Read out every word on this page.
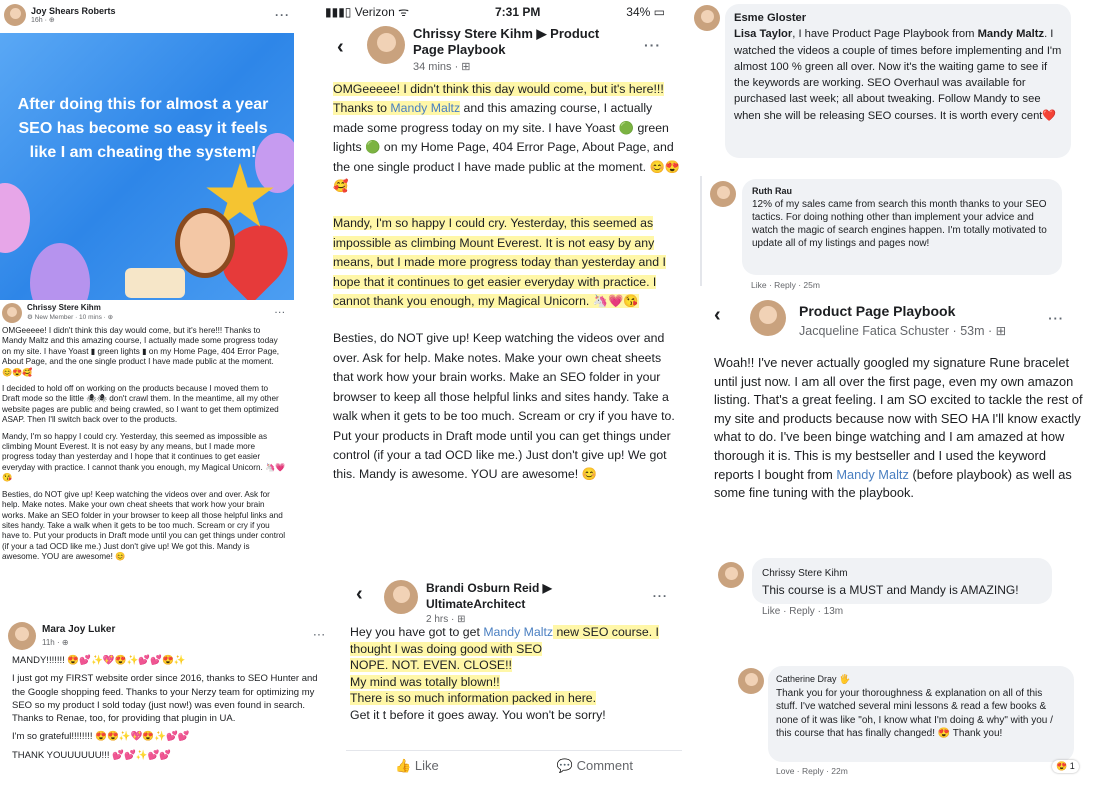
Joy Shears Roberts
16h · ⊕	···
After doing this for almost a year SEO has become so easy it feels like I am cheating the system!
Chrissy Stere Kihm
⚙ New Member · 10 mins · ⊕
···

OMGeeeee! I didn't think this day would come, but it's here!!! Thanks to Mandy Maltz and this amazing course, I actually made some progress today on my site. I have Yoast ▮ green lights ▮ on my Home Page, 404 Error Page, About Page, and the one single product I have made public at the moment. 😊😍🥰

I decided to hold off on working on the products because I moved them to Draft mode so the little 🕷🕷 don't crawl them. In the meantime, all my other website pages are public and being crawled, so I want to get them optimized ASAP. Then I'll switch back over to the products.

Mandy, I'm so happy I could cry. Yesterday, this seemed as impossible as climbing Mount Everest. It is not easy by any means, but I made more progress today than yesterday and I hope that it continues to get easier everyday with practice. I cannot thank you enough, my Magical Unicorn. 🦄💗😘

Besties, do NOT give up! Keep watching the videos over and over. Ask for help. Make notes. Make your own cheat sheets that work how your brain works. Make an SEO folder in your browser to keep all those helpful links and sites handy. Take a walk when it gets to be too much. Scream or cry if you have to. Put your products in Draft mode until you can get things under control (if your a tad OCD like me.) Just don't give up! We got this. Mandy is awesome. YOU are awesome! 😊

Mara Joy Luker
11h · ⊕
···

MANDY!!!!!!! 😍💕✨💖😍✨💕💕😍✨

I just got my FIRST website order since 2016, thanks to SEO Hunter and the Google shopping feed. Thanks to your Nerzy team for optimizing my SEO so my product I sold today (just now!) was even found in search. Thanks to Renae, too, for providing that plugin in UA.

I'm so grateful!!!!!!!! 😍😍✨💖😍✨💕💕

THANK YOUUUUUU!!! 💕💕✨💕💕

▮▮▮▯ Verizon ᯤ	7:31 PM	34% ▭
‹
Chrissy Stere Kihm ▶ Product Page Playbook
34 mins · ⊞
···

OMGeeeee! I didn't think this day would come, but it's here!!! Thanks to Mandy Maltz and this amazing course, I actually made some progress today on my site. I have Yoast 🟢 green lights 🟢 on my Home Page, 404 Error Page, About Page, and the one single product I have made public at the moment. 😊😍🥰

Mandy, I'm so happy I could cry. Yesterday, this seemed as impossible as climbing Mount Everest. It is not easy by any means, but I made more progress today than yesterday and I hope that it continues to get easier everyday with practice. I cannot thank you enough, my Magical Unicorn. 🦄💗😘

Besties, do NOT give up! Keep watching the videos over and over. Ask for help. Make notes. Make your own cheat sheets that work how your brain works. Make an SEO folder in your browser to keep all those helpful links and sites handy. Take a walk when it gets to be too much. Scream or cry if you have to. Put your products in Draft mode until you can get things under control (if your a tad OCD like me.) Just don't give up! We got this. Mandy is awesome. YOU are awesome! 😊

‹	Brandi Osburn Reid ▶ UltimateArchitect
2 hrs · ⊞
···

Hey you have got to get Mandy Maltz new SEO course. I thought I was doing good with SEO

NOPE. NOT. EVEN. CLOSE!!

My mind was totally blown!!

There is so much information packed in here.

Get it t before it goes away. You won't be sorry!

👍 Like	💬 Comment
Esme Gloster
Lisa Taylor, I have Product Page Playbook from Mandy Maltz. I watched the videos a couple of times before implementing and I'm almost 100 % green all over. Now it's the waiting game to see if the keywords are working. SEO Overhaul was available for purchased last week; all about tweaking. Follow Mandy to see when she will be releasing SEO courses. It is worth every cent❤️
Ruth Rau
12% of my sales came from search this month thanks to your SEO tactics. For doing nothing other than implement your advice and watch the magic of search engines happen. I'm totally motivated to update all of my listings and pages now!
Like · Reply · 25m
‹	Product Page Playbook
Jacqueline Fatica Schuster · 53m · ⊞
···

Woah!! I've never actually googled my signature Rune bracelet until just now. I am all over the first page, even my own amazon listing. That's a great feeling. I am SO excited to tackle the rest of my site and products because now with SEO HA I'll know exactly what to do. I've been binge watching and I am amazed at how thorough it is. This is my bestseller and I used the keyword reports I bought from Mandy Maltz (before playbook) as well as some fine tuning with the playbook.

Chrissy Stere Kihm
This course is a MUST and Mandy is AMAZING!
Like · Reply · 13m
Catherine Dray 🖐
Thank you for your thoroughness & explanation on all of this stuff. I've watched several mini lessons & read a few books & none of it was like "oh, I know what I'm doing & why" with you / this course that has finally changed! 😍 Thank you!
Love · Reply · 22m	😍 1
